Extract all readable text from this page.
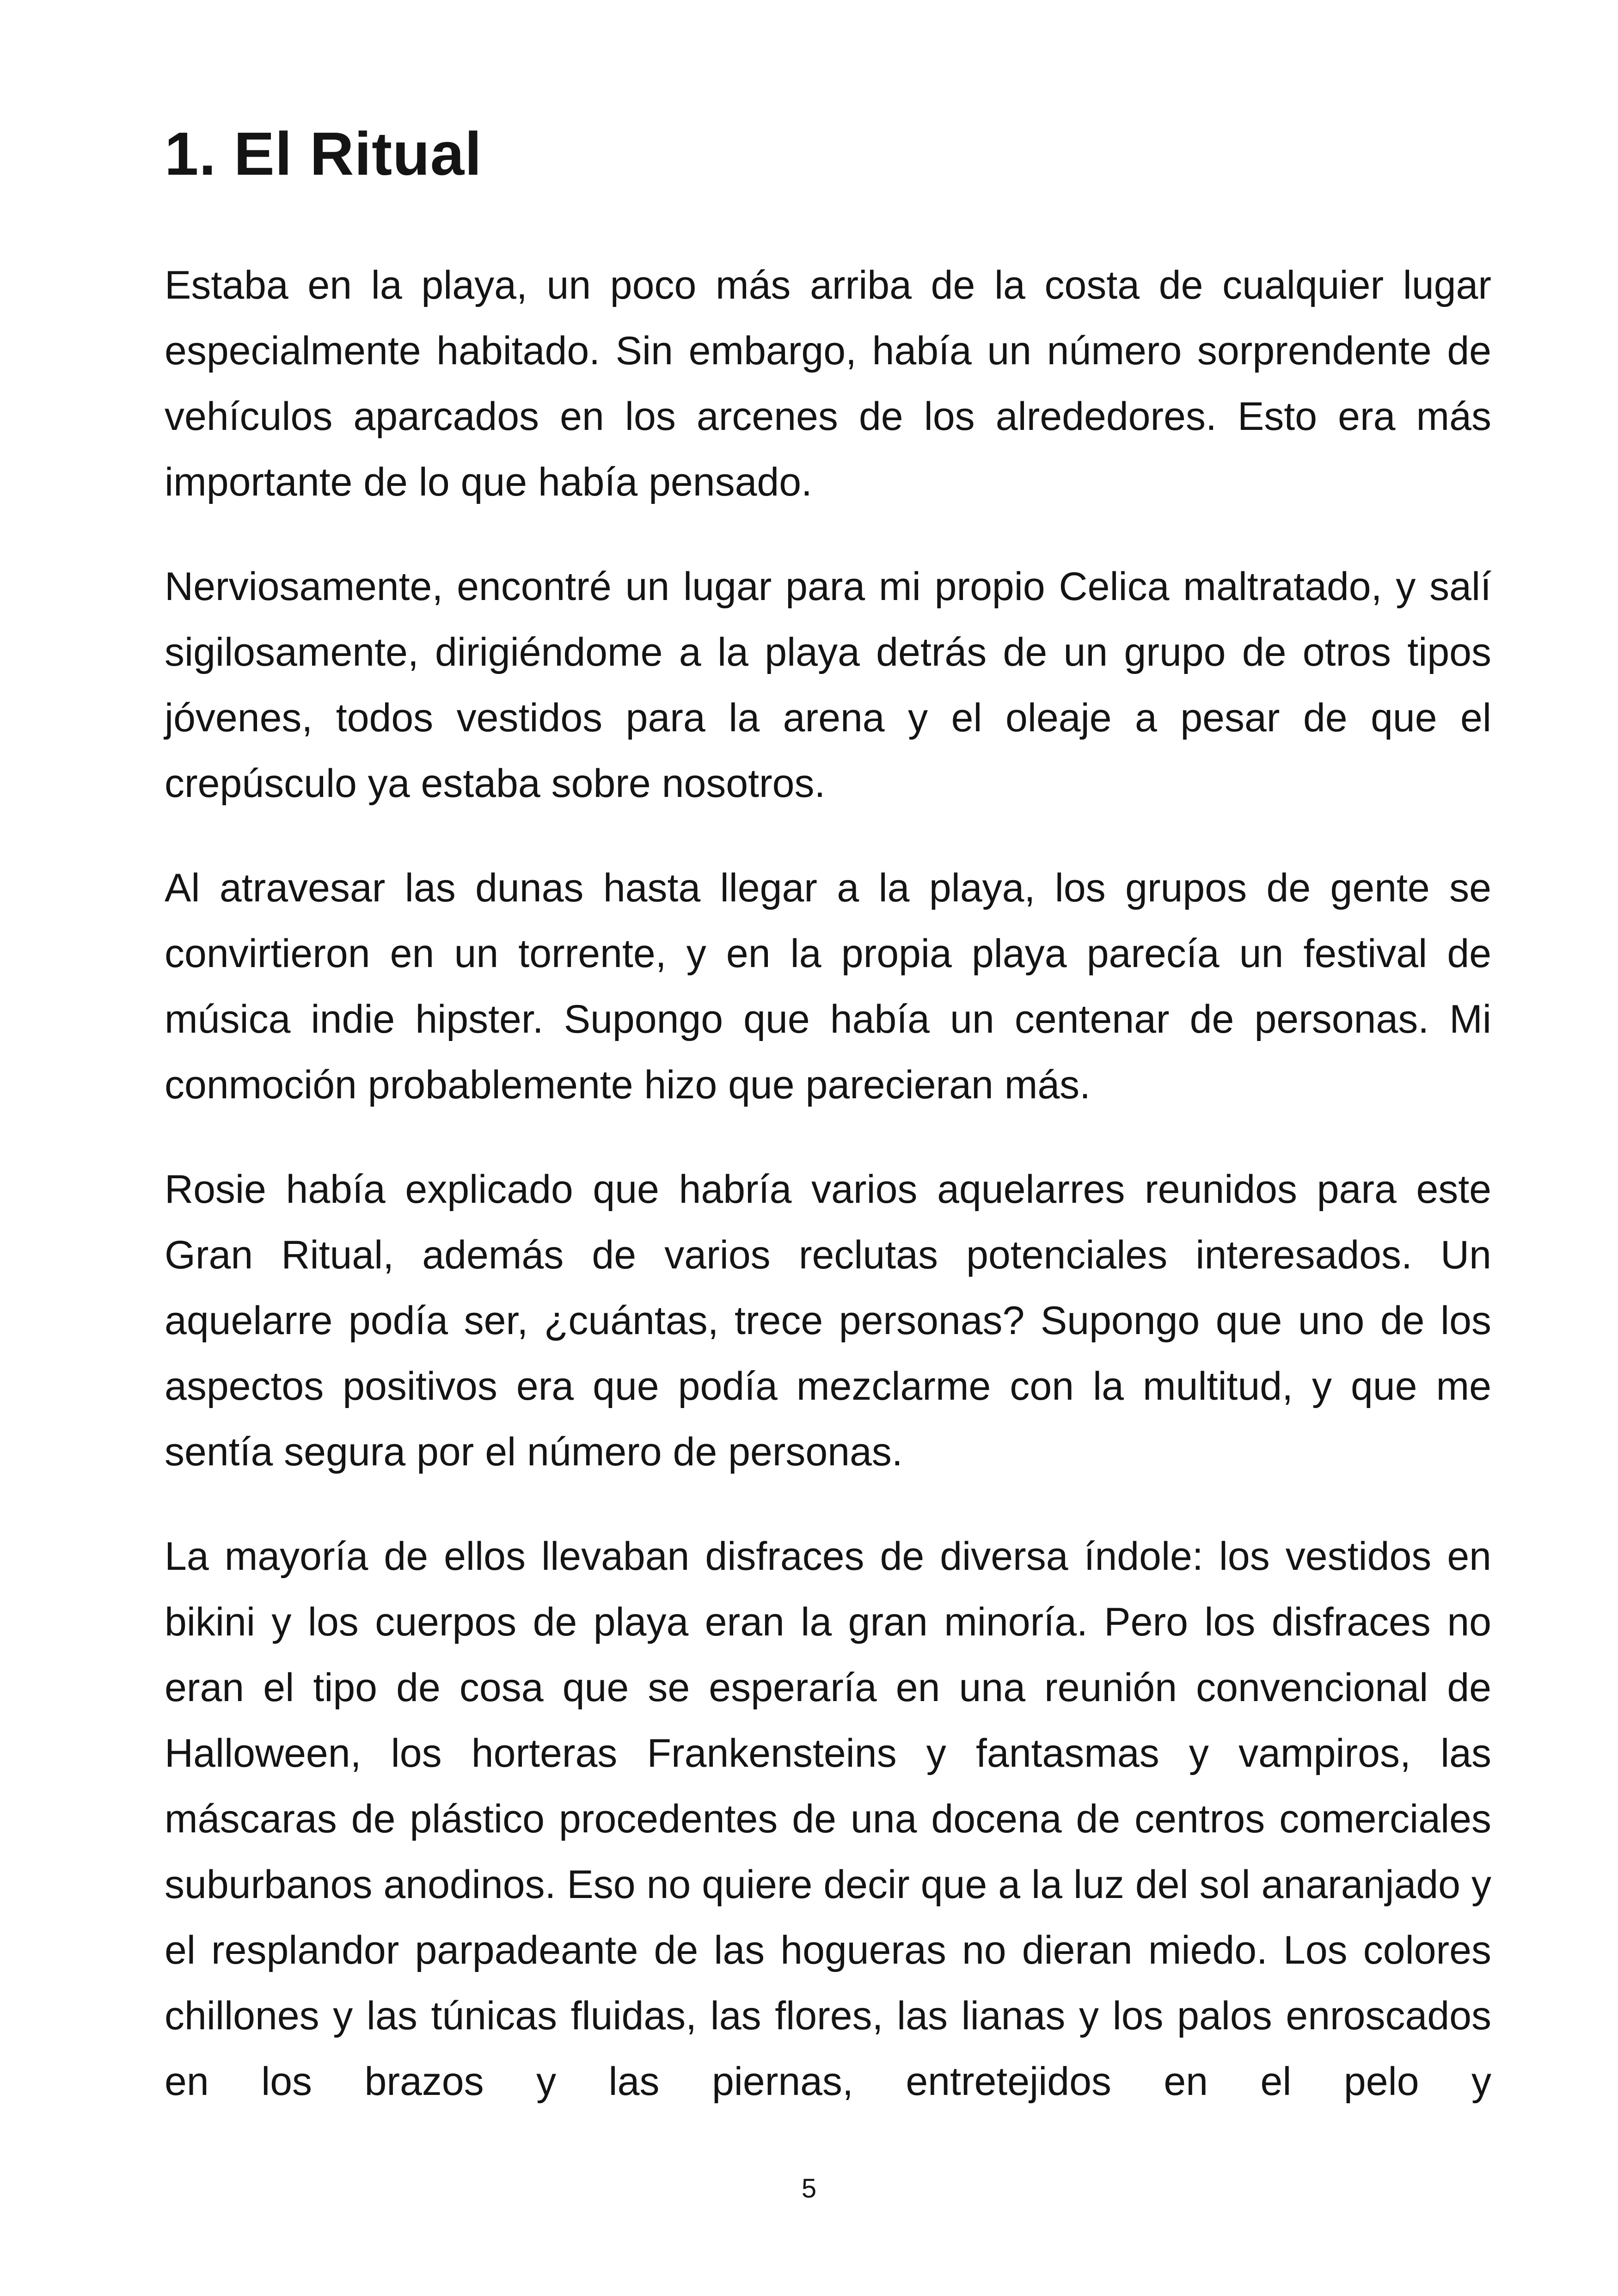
1. El Ritual

Estaba en la playa, un poco más arriba de la costa de cualquier lugar especialmente habitado. Sin embargo, había un número sorprendente de vehículos aparcados en los arcenes de los alrededores. Esto era más importante de lo que había pensado.

Nerviosamente, encontré un lugar para mi propio Celica maltratado, y salí sigilosamente, dirigiéndome a la playa detrás de un grupo de otros tipos jóvenes, todos vestidos para la arena y el oleaje a pesar de que el crepúsculo ya estaba sobre nosotros.

Al atravesar las dunas hasta llegar a la playa, los grupos de gente se convirtieron en un torrente, y en la propia playa parecía un festival de música indie hipster. Supongo que había un centenar de personas. Mi conmoción probablemente hizo que parecieran más.

Rosie había explicado que habría varios aquelarres reunidos para este Gran Ritual, además de varios reclutas potenciales interesados. Un aquelarre podía ser, ¿cuántas, trece personas? Supongo que uno de los aspectos positivos era que podía mezclarme con la multitud, y que me sentía segura por el número de personas.

La mayoría de ellos llevaban disfraces de diversa índole: los vestidos en bikini y los cuerpos de playa eran la gran minoría. Pero los disfraces no eran el tipo de cosa que se esperaría en una reunión convencional de Halloween, los horteras Frankensteins y fantasmas y vampiros, las máscaras de plástico procedentes de una docena de centros comerciales suburbanos anodinos. Eso no quiere decir que a la luz del sol anaranjado y el resplandor parpadeante de las hogueras no dieran miedo. Los colores chillones y las túnicas fluidas, las flores, las lianas y los palos enroscados en los brazos y las piernas, entretejidos en el pelo y

5
